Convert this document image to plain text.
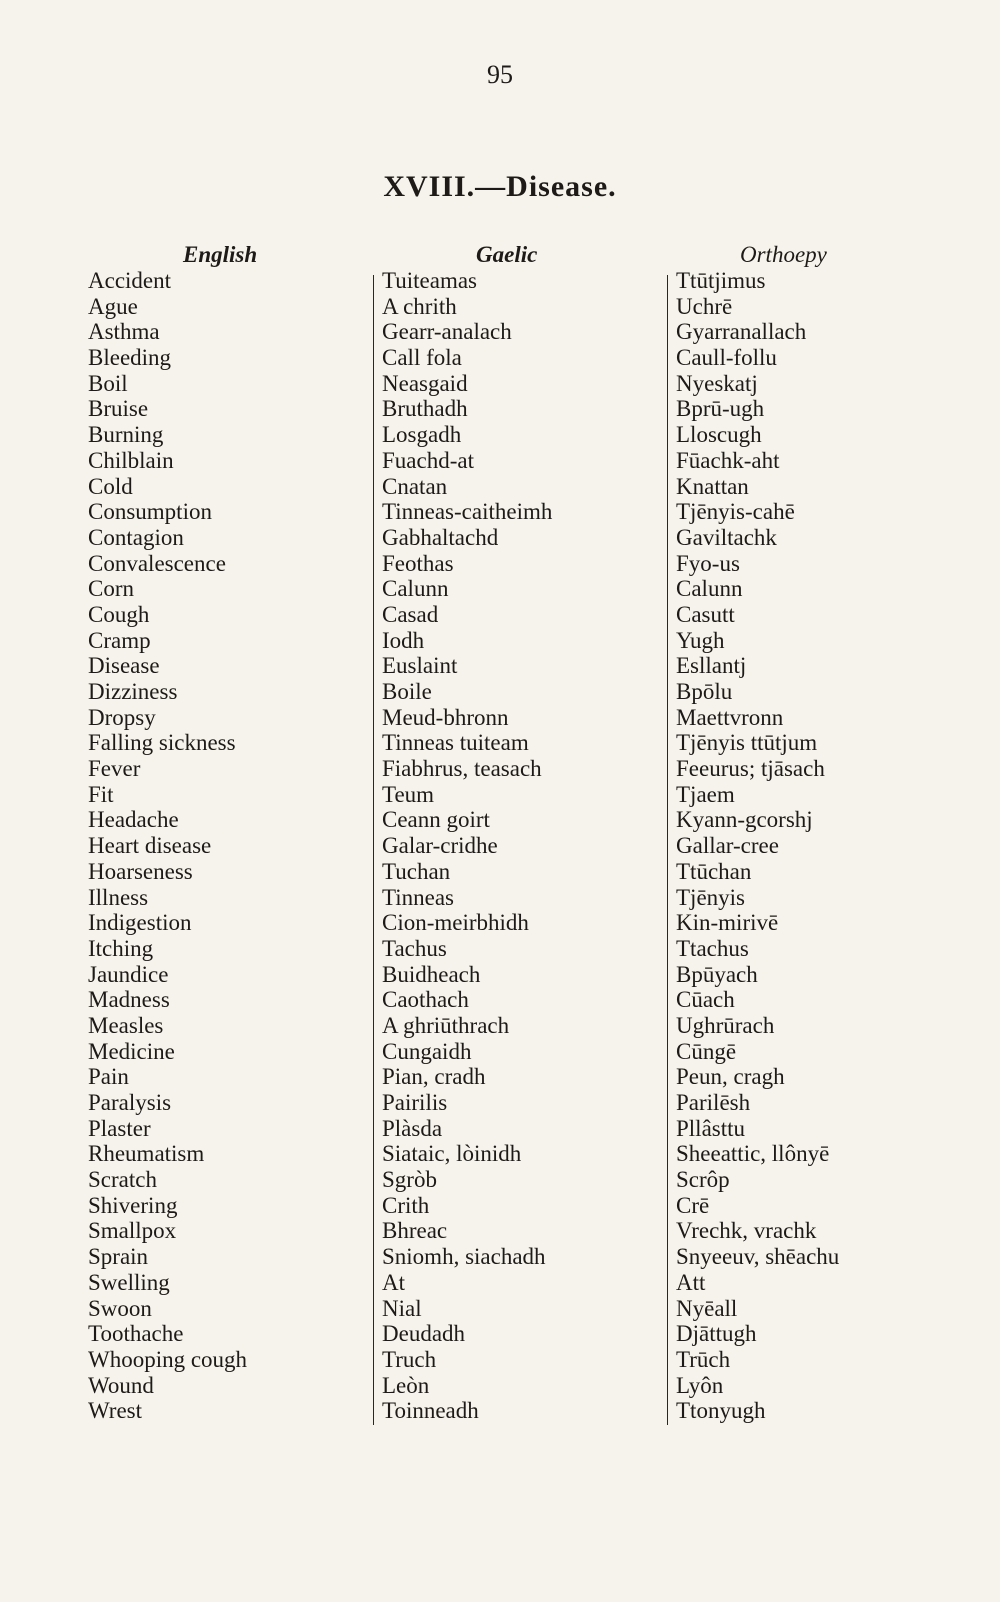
95
XVIII.—Disease.
English	Gaelic	Orthoepy
Accident	Tuiteamas	Ttūtjimus
Ague	A chrith	Uchrē
Asthma	Gearr-analach	Gyarranallach
Bleeding	Call fola	Caull-follu
Boil	Neasgaid	Nyeskatj
Bruise	Bruthadh	Bprū-ugh
Burning	Losgadh	Lloscugh
Chilblain	Fuachd-at	Fūachk-aht
Cold	Cnatan	Knattan
Consumption	Tinneas-caitheimh	Tjēnyis-cahē
Contagion	Gabhaltachd	Gaviltachk
Convalescence	Feothas	Fyo-us
Corn	Calunn	Calunn
Cough	Casad	Casutt
Cramp	Iodh	Yugh
Disease	Euslaint	Esllantj
Dizziness	Boile	Bpōlu
Dropsy	Meud-bhronn	Maettvronn
Falling sickness	Tinneas tuiteam	Tjēnyis ttūtjum
Fever	Fiabhrus, teasach	Feeurus; tjāsach
Fit	Teum	Tjaem
Headache	Ceann goirt	Kyann-gcorshj
Heart disease	Galar-cridhe	Gallar-cree
Hoarseness	Tuchan	Ttūchan
Illness	Tinneas	Tjēnyis
Indigestion	Cion-meirbhidh	Kin-mirivē
Itching	Tachus	Ttachus
Jaundice	Buidheach	Bpūyach
Madness	Caothach	Cūach
Measles	A ghriūthrach	Ughrūrach
Medicine	Cungaidh	Cūngē
Pain	Pian, cradh	Peun, cragh
Paralysis	Pairilis	Parilēsh
Plaster	Plàsda	Pllâsttu
Rheumatism	Siataic, lòinidh	Sheeattic, llônyē
Scratch	Sgròb	Scrôp
Shivering	Crith	Crē
Smallpox	Bhreac	Vrechk, vrachk
Sprain	Sniomh, siachadh	Snyeeuv, shēachu
Swelling	At	Att
Swoon	Nial	Nyēall
Toothache	Deudadh	Djāttugh
Whooping cough	Truch	Trūch
Wound	Leòn	Lyôn
Wrest	Toinneadh	Ttonyugh
